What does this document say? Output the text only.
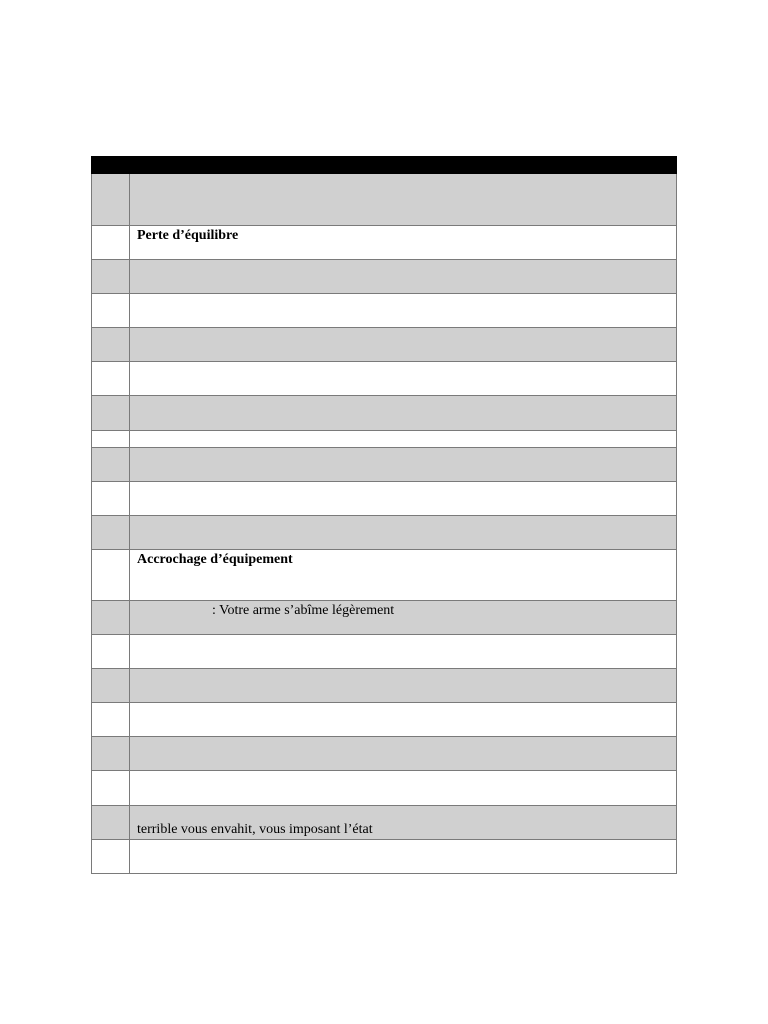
Perte d’équilibre
Accrochage d’équipement
: Votre arme s’abîme légèrement
terrible vous envahit, vous imposant l’état
